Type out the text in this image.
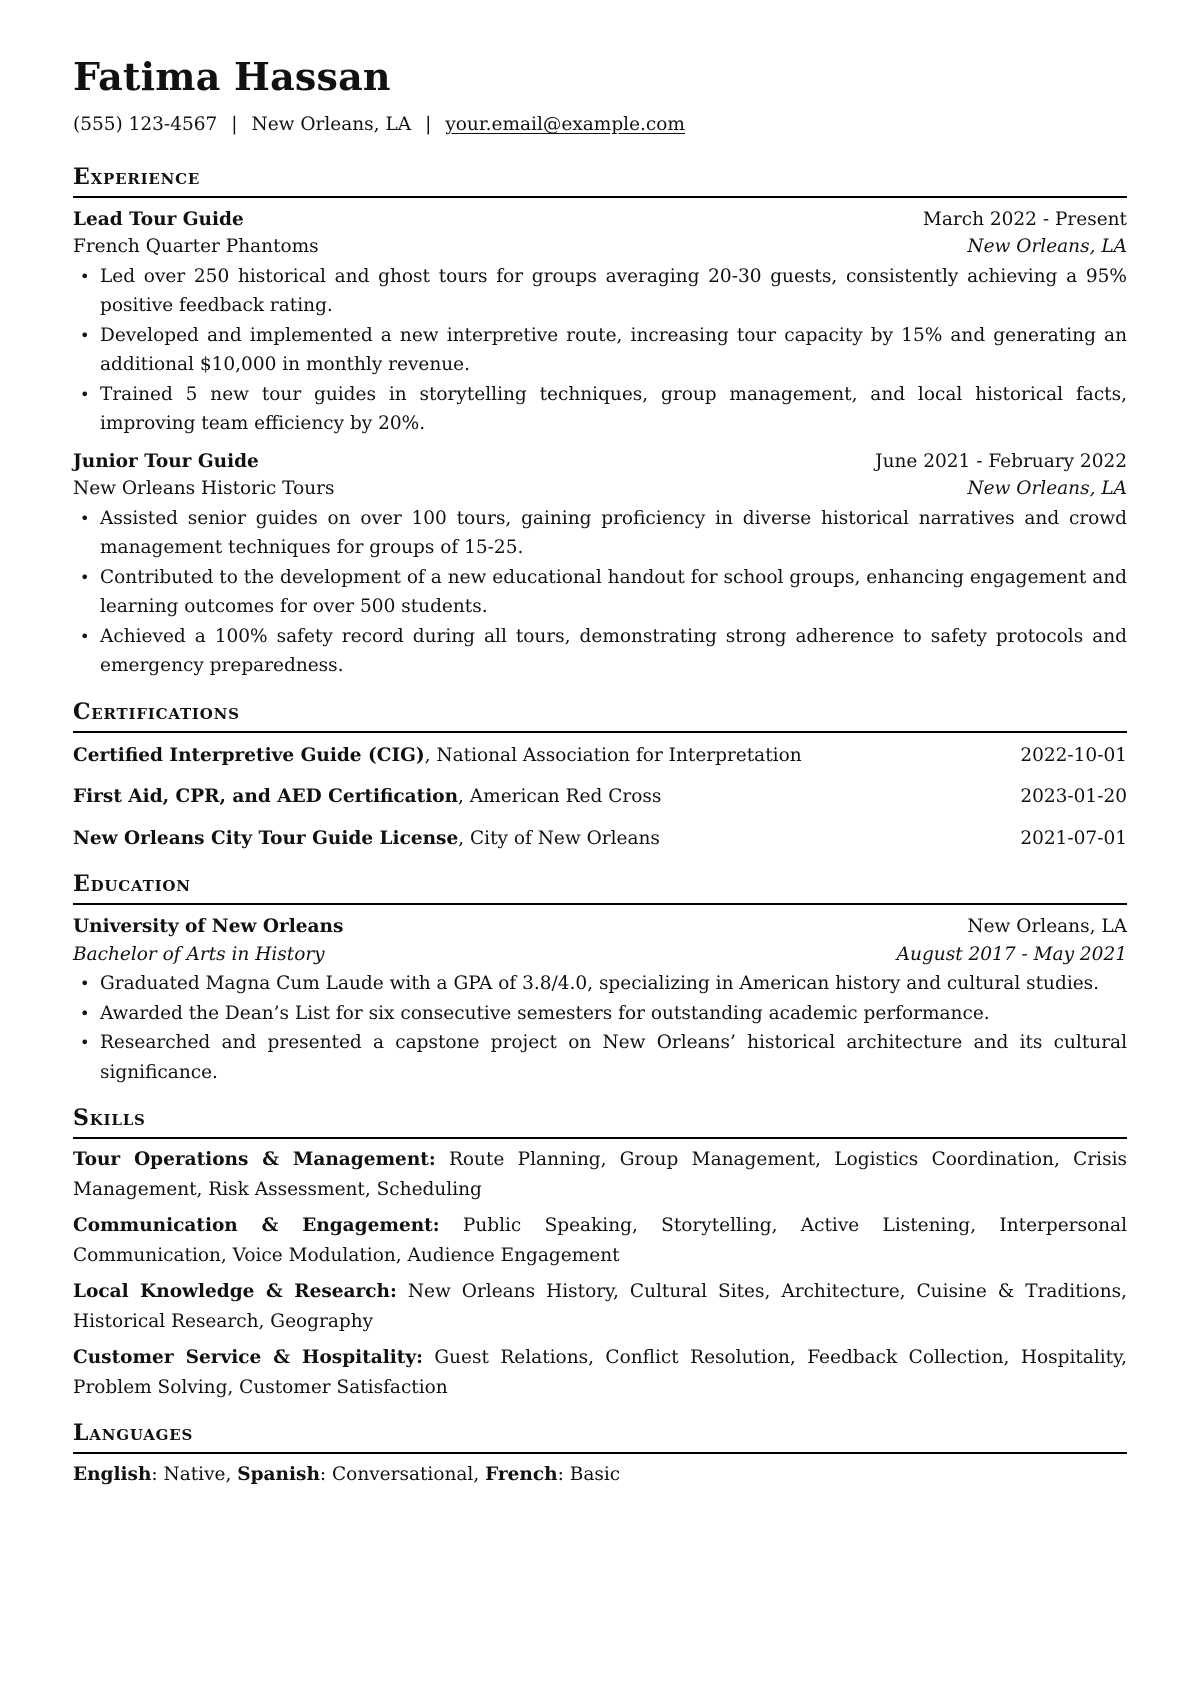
Fatima Hassan
(555) 123-4567 | New Orleans, LA | your.email@example.com
Experience
Lead Tour Guide	March 2022 - Present
French Quarter Phantoms	New Orleans, LA
• Led over 250 historical and ghost tours for groups averaging 20-30 guests, consistently achieving a 95% positive feedback rating.
• Developed and implemented a new interpretive route, increasing tour capacity by 15% and generating an additional $10,000 in monthly revenue.
• Trained 5 new tour guides in storytelling techniques, group management, and local historical facts, improving team efficiency by 20%.
Junior Tour Guide	June 2021 - February 2022
New Orleans Historic Tours	New Orleans, LA
• Assisted senior guides on over 100 tours, gaining proficiency in diverse historical narratives and crowd management techniques for groups of 15-25.
• Contributed to the development of a new educational handout for school groups, enhancing engagement and learning outcomes for over 500 students.
• Achieved a 100% safety record during all tours, demonstrating strong adherence to safety protocols and emergency preparedness.
Certifications
Certified Interpretive Guide (CIG), National Association for Interpretation	2022-10-01
First Aid, CPR, and AED Certification, American Red Cross	2023-01-20
New Orleans City Tour Guide License, City of New Orleans	2021-07-01
Education
University of New Orleans	New Orleans, LA
Bachelor of Arts in History	August 2017 - May 2021
• Graduated Magna Cum Laude with a GPA of 3.8/4.0, specializing in American history and cultural studies.
• Awarded the Dean’s List for six consecutive semesters for outstanding academic performance.
• Researched and presented a capstone project on New Orleans’ historical architecture and its cultural significance.
Skills
Tour Operations & Management: Route Planning, Group Management, Logistics Coordination, Crisis Management, Risk Assessment, Scheduling
Communication & Engagement: Public Speaking, Storytelling, Active Listening, Interpersonal Communication, Voice Modulation, Audience Engagement
Local Knowledge & Research: New Orleans History, Cultural Sites, Architecture, Cuisine & Traditions, Historical Research, Geography
Customer Service & Hospitality: Guest Relations, Conflict Resolution, Feedback Collection, Hospitality, Problem Solving, Customer Satisfaction
Languages
English: Native, Spanish: Conversational, French: Basic
